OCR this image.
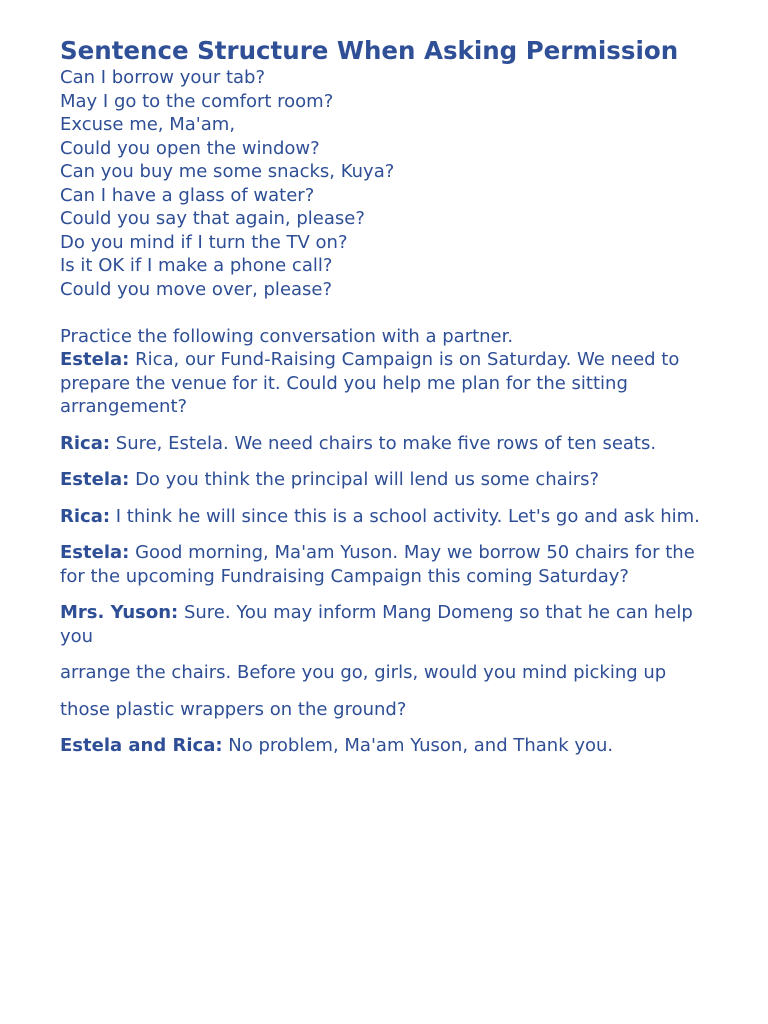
Sentence Structure When Asking Permission
Can I borrow your tab?
May I go to the comfort room?
Excuse me, Ma'am,
Could you open the window?
Can you buy me some snacks, Kuya?
Can I have a glass of water?
Could you say that again, please?
Do you mind if I turn the TV on?
Is it OK if I make a phone call?
Could you move over, please?

Practice the following conversation with a partner.

Estela: Rica, our Fund-Raising Campaign is on Saturday. We need to prepare the venue for it. Could you help me plan for the sitting arrangement?

Rica: Sure, Estela. We need chairs to make five rows of ten seats.

Estela: Do you think the principal will lend us some chairs?

Rica: I think he will since this is a school activity. Let's go and ask him.

Estela: Good morning, Ma'am Yuson. May we borrow 50 chairs for the for the upcoming Fundraising Campaign this coming Saturday?

Mrs. Yuson: Sure. You may inform Mang Domeng so that he can help you

arrange the chairs. Before you go, girls, would you mind picking up

those plastic wrappers on the ground?

Estela and Rica: No problem, Ma'am Yuson, and Thank you.
